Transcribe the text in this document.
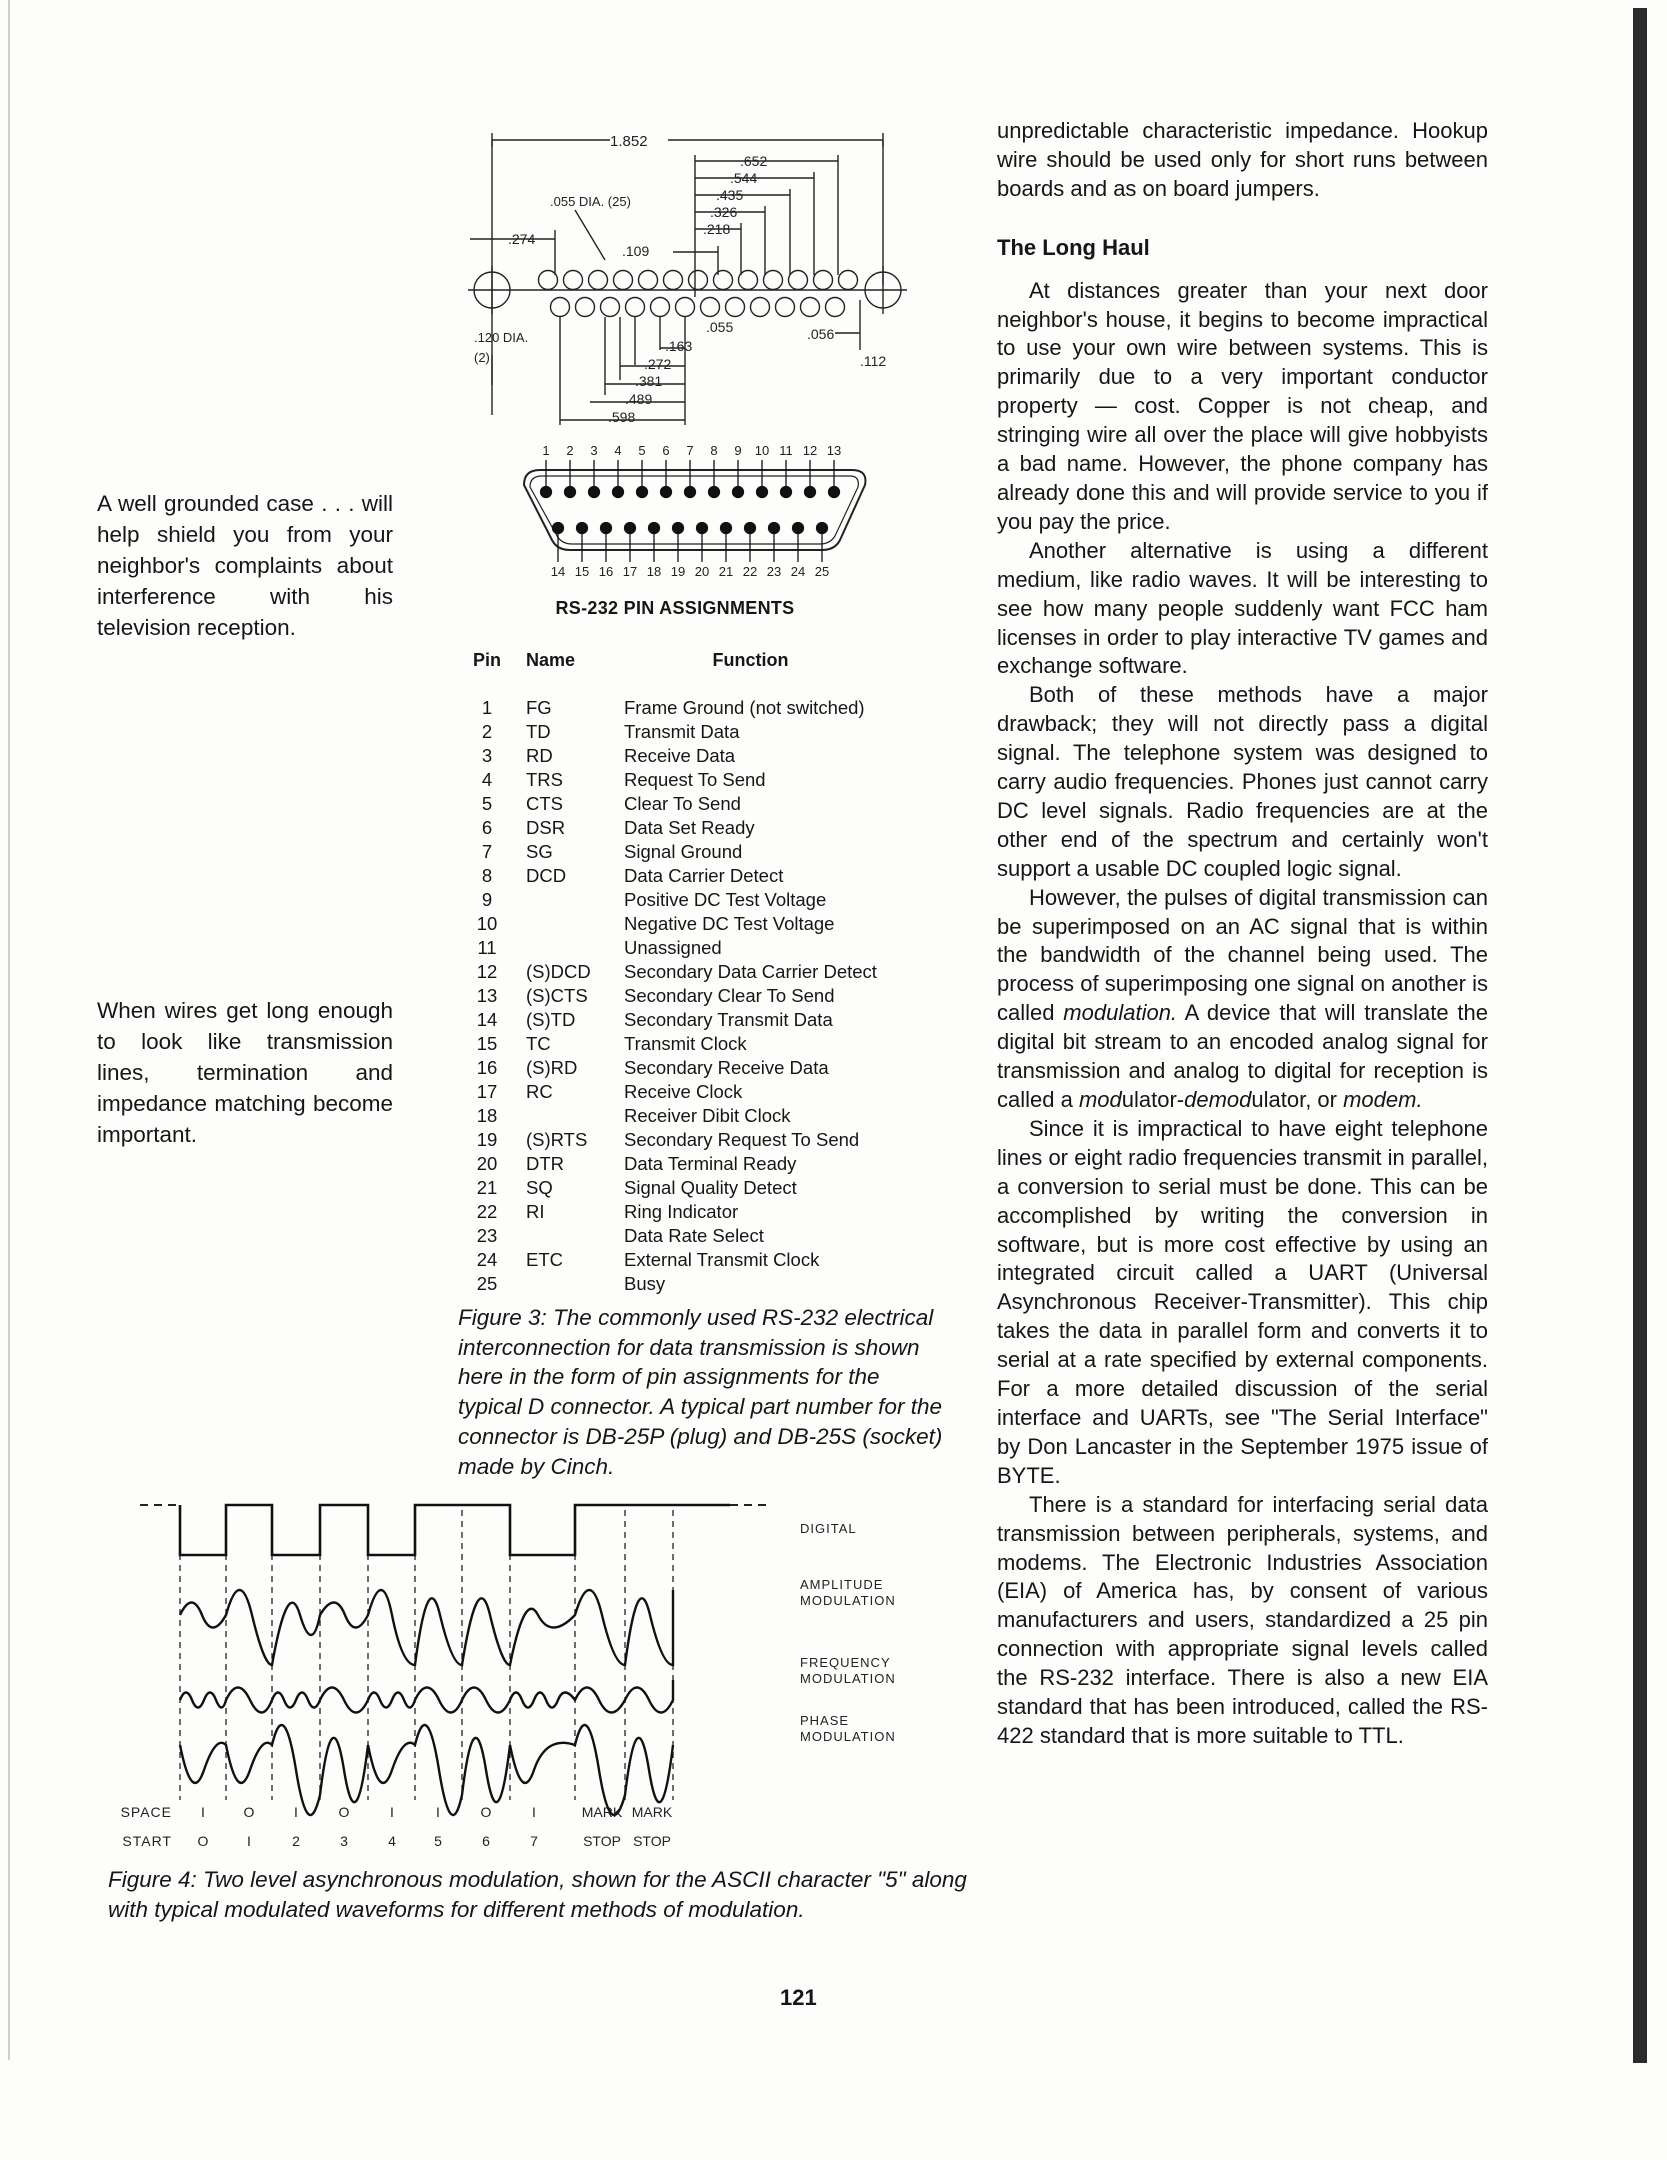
A well grounded case . . . will help shield you from your neighbor's complaints about interference with his television reception.

When wires get long enough to look like transmission lines, termination and impedance matching become important.

1.852
.652
.544
.435
.326
.218
.109
.274
.055 DIA. (25)
.120 DIA.
(2)
.055	.056
.163
.272
.381
.489
.598
.112
1 2 3 4 5 6 7 8 9 10 11 12 13
14 15 16 17 18 19 20 21 22 23 24 25
RS-232 PIN ASSIGNMENTS
Pin	Name	Function
1	FG	Frame Ground (not switched)
2	TD	Transmit Data
3	RD	Receive Data
4	TRS	Request To Send
5	CTS	Clear To Send
6	DSR	Data Set Ready
7	SG	Signal Ground
8	DCD	Data Carrier Detect
9		Positive DC Test Voltage
10		Negative DC Test Voltage
11		Unassigned
12	(S)DCD	Secondary Data Carrier Detect
13	(S)CTS	Secondary Clear To Send
14	(S)TD	Secondary Transmit Data
15	TC	Transmit Clock
16	(S)RD	Secondary Receive Data
17	RC	Receive Clock
18		Receiver Dibit Clock
19	(S)RTS	Secondary Request To Send
20	DTR	Data Terminal Ready
21	SQ	Signal Quality Detect
22	RI	Ring Indicator
23		Data Rate Select
24	ETC	External Transmit Clock
25		Busy
Figure 3: The commonly used RS-232 electrical interconnection for data transmission is shown here in the form of pin assignments for the typical D connector. A typical part number for the connector is DB-25P (plug) and DB-25S (socket) made by Cinch.
DIGITAL
AMPLITUDE
MODULATION
FREQUENCY
MODULATION
PHASE
MODULATION
SPACE
START
I	O	I	O	I	I	O	I	MARK MARK
O	I	2	3	4	5	6	7	STOP STOP
Figure 4: Two level asynchronous modulation, shown for the ASCII character "5" along with typical modulated waveforms for different methods of modulation.

unpredictable characteristic impedance. Hookup wire should be used only for short runs between boards and as on board jumpers.

The Long Haul

At distances greater than your next door neighbor's house, it begins to become impractical to use your own wire between systems. This is primarily due to a very important conductor property — cost. Copper is not cheap, and stringing wire all over the place will give hobbyists a bad name. However, the phone company has already done this and will provide service to you if you pay the price.

Another alternative is using a different medium, like radio waves. It will be interesting to see how many people suddenly want FCC ham licenses in order to play interactive TV games and exchange software.

Both of these methods have a major drawback; they will not directly pass a digital signal. The telephone system was designed to carry audio frequencies. Phones just cannot carry DC level signals. Radio frequencies are at the other end of the spectrum and certainly won't support a usable DC coupled logic signal.

However, the pulses of digital transmission can be superimposed on an AC signal that is within the bandwidth of the channel being used. The process of superimposing one signal on another is called modulation. A device that will translate the digital bit stream to an encoded analog signal for transmission and analog to digital for reception is called a modulator-demodulator, or modem.

Since it is impractical to have eight telephone lines or eight radio frequencies transmit in parallel, a conversion to serial must be done. This can be accomplished by writing the conversion in software, but is more cost effective by using an integrated circuit called a UART (Universal Asynchronous Receiver-Transmitter). This chip takes the data in parallel form and converts it to serial at a rate specified by external components. For a more detailed discussion of the serial interface and UARTs, see "The Serial Interface" by Don Lancaster in the September 1975 issue of BYTE.

There is a standard for interfacing serial data transmission between peripherals, systems, and modems. The Electronic Industries Association (EIA) of America has, by consent of various manufacturers and users, standardized a 25 pin connection with appropriate signal levels called the RS-232 interface. There is also a new EIA standard that has been introduced, called the RS-422 standard that is more suitable to TTL.

121
